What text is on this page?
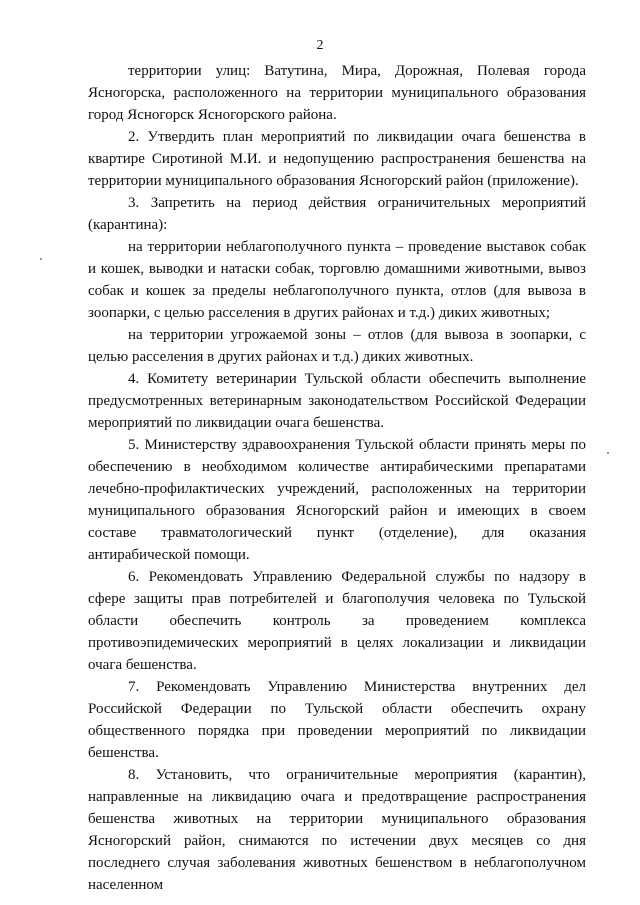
2

территории улиц: Ватутина, Мира, Дорожная, Полевая города Ясногорска, расположенного на территории муниципального образования город Ясногорск Ясногорского района.

2. Утвердить план мероприятий по ликвидации очага бешенства в квартире Сиротиной М.И. и недопущению распространения бешенства на территории муниципального образования Ясногорский район (приложение).

3. Запретить на период действия ограничительных мероприятий (карантина):

на территории неблагополучного пункта – проведение выставок собак и кошек, выводки и натаски собак, торговлю домашними животными, вывоз собак и кошек за пределы неблагополучного пункта, отлов (для вывоза в зоопарки, с целью расселения в других районах и т.д.) диких животных;

на территории угрожаемой зоны – отлов (для вывоза в зоопарки, с целью расселения в других районах и т.д.) диких животных.

4. Комитету ветеринарии Тульской области обеспечить выполнение предусмотренных ветеринарным законодательством Российской Федерации мероприятий по ликвидации очага бешенства.

5. Министерству здравоохранения Тульской области принять меры по обеспечению в необходимом количестве антирабическими препаратами лечебно-профилактических учреждений, расположенных на территории муниципального образования Ясногорский район и имеющих в своем составе травматологический пункт (отделение), для оказания антирабической помощи.

6. Рекомендовать Управлению Федеральной службы по надзору в сфере защиты прав потребителей и благополучия человека по Тульской области обеспечить контроль за проведением комплекса противоэпидемических мероприятий в целях локализации и ликвидации очага бешенства.

7. Рекомендовать Управлению Министерства внутренних дел Российской Федерации по Тульской области обеспечить охрану общественного порядка при проведении мероприятий по ликвидации бешенства.

8. Установить, что ограничительные мероприятия (карантин), направленные на ликвидацию очага и предотвращение распространения бешенства животных на территории муниципального образования Ясногорский район, снимаются по истечении двух месяцев со дня последнего случая заболевания животных бешенством в неблагополучном населенном
